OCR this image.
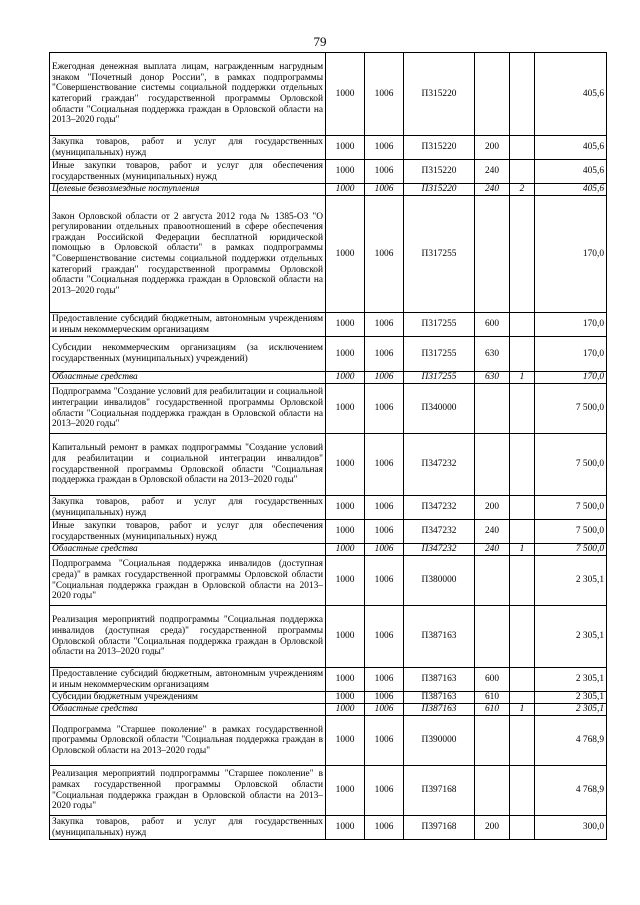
79
Ежегодная денежная выплата лицам, награжденным нагрудным знаком "Почетный донор России", в рамках подпрограммы "Совершенствование системы социальной поддержки отдельных категорий граждан" государственной программы Орловской области "Социальная поддержка граждан в Орловской области на 2013–2020 годы"	1000	1006	П315220			405,6
Закупка товаров, работ и услуг для государственных (муниципальных) нужд	1000	1006	П315220	200		405,6
Иные закупки товаров, работ и услуг для обеспечения государственных (муниципальных) нужд	1000	1006	П315220	240		405,6
Целевые безвозмездные поступления	1000	1006	П315220	240	2	405,6
Закон Орловской области от 2 августа 2012 года № 1385-ОЗ "О регулировании отдельных правоотношений в сфере обеспечения граждан Российской Федерации бесплатной юридической помощью в Орловской области" в рамках подпрограммы "Совершенствование системы социальной поддержки отдельных категорий граждан" государственной программы Орловской области "Социальная поддержка граждан в Орловской области на 2013–2020 годы"	1000	1006	П317255			170,0
Предоставление субсидий бюджетным, автономным учреждениям и иным некоммерческим организациям	1000	1006	П317255	600		170,0
Субсидии некоммерческим организациям (за исключением государственных (муниципальных) учреждений)	1000	1006	П317255	630		170,0
Областные средства	1000	1006	П317255	630	1	170,0
Подпрограмма "Создание условий для реабилитации и социальной интеграции инвалидов" государственной программы Орловской области "Социальная поддержка граждан в Орловской области на 2013–2020 годы"	1000	1006	П340000			7 500,0
Капитальный ремонт в рамках подпрограммы "Создание условий для реабилитации и социальной интеграции инвалидов" государственной программы Орловской области "Социальная поддержка граждан в Орловской области на 2013–2020 годы"	1000	1006	П347232			7 500,0
Закупка товаров, работ и услуг для государственных (муниципальных) нужд	1000	1006	П347232	200		7 500,0
Иные закупки товаров, работ и услуг для обеспечения государственных (муниципальных) нужд	1000	1006	П347232	240		7 500,0
Областные средства	1000	1006	П347232	240	1	7 500,0
Подпрограмма "Социальная поддержка инвалидов (доступная среда)" в рамках государственной программы Орловской области "Социальная поддержка граждан в Орловской области на 2013–2020 годы"	1000	1006	П380000			2 305,1
Реализация мероприятий подпрограммы "Социальная поддержка инвалидов (доступная среда)" государственной программы Орловской области "Социальная поддержка граждан в Орловской области на 2013–2020 годы"	1000	1006	П387163			2 305,1
Предоставление субсидий бюджетным, автономным учреждениям и иным некоммерческим организациям	1000	1006	П387163	600		2 305,1
Субсидии бюджетным учреждениям	1000	1006	П387163	610		2 305,1
Областные средства	1000	1006	П387163	610	1	2 305,1
Подпрограмма "Старшее поколение" в рамках государственной программы Орловской области "Социальная поддержка граждан в Орловской области на 2013–2020 годы"	1000	1006	П390000			4 768,9
Реализация мероприятий подпрограммы "Старшее поколение" в рамках государственной программы Орловской области "Социальная поддержка граждан в Орловской области на 2013–2020 годы"	1000	1006	П397168			4 768,9
Закупка товаров, работ и услуг для государственных (муниципальных) нужд	1000	1006	П397168	200		300,0
